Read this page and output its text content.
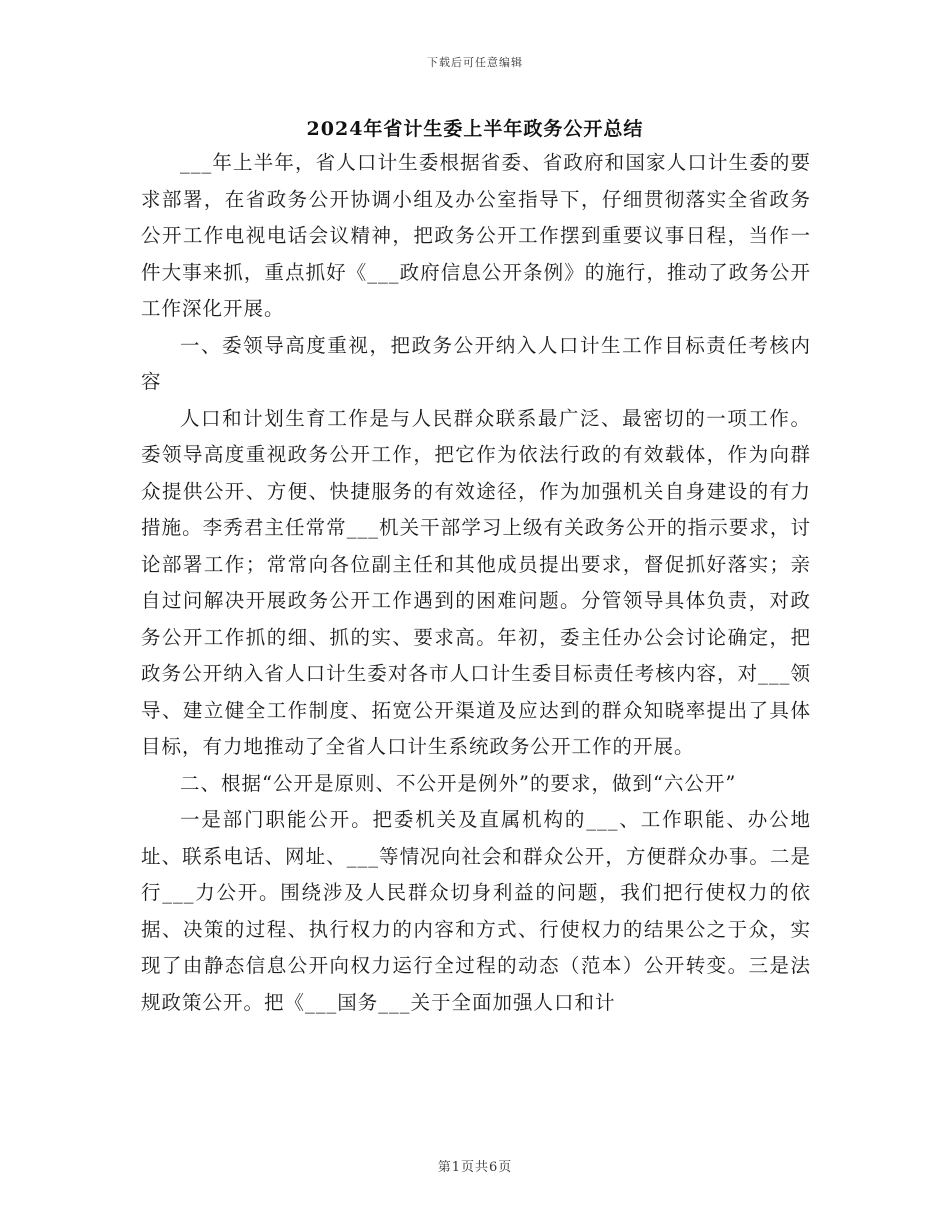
下载后可任意编辑
2024年省计生委上半年政务公开总结

___年上半年，省人口计生委根据省委、省政府和国家人口计生委的要求部署，在省政务公开协调小组及办公室指导下，仔细贯彻落实全省政务公开工作电视电话会议精神，把政务公开工作摆到重要议事日程，当作一件大事来抓，重点抓好《___政府信息公开条例》的施行，推动了政务公开工作深化开展。

一、委领导高度重视，把政务公开纳入人口计生工作目标责任考核内容

人口和计划生育工作是与人民群众联系最广泛、最密切的一项工作。委领导高度重视政务公开工作，把它作为依法行政的有效载体，作为向群众提供公开、方便、快捷服务的有效途径，作为加强机关自身建设的有力措施。李秀君主任常常___机关干部学习上级有关政务公开的指示要求，讨论部署工作；常常向各位副主任和其他成员提出要求，督促抓好落实；亲自过问解决开展政务公开工作遇到的困难问题。分管领导具体负责，对政务公开工作抓的细、抓的实、要求高。年初，委主任办公会讨论确定，把政务公开纳入省人口计生委对各市人口计生委目标责任考核内容，对___领导、建立健全工作制度、拓宽公开渠道及应达到的群众知晓率提出了具体目标，有力地推动了全省人口计生系统政务公开工作的开展。

二、根据“公开是原则、不公开是例外”的要求，做到“六公开”

一是部门职能公开。把委机关及直属机构的___、工作职能、办公地址、联系电话、网址、___等情况向社会和群众公开，方便群众办事。二是行___力公开。围绕涉及人民群众切身利益的问题，我们把行使权力的依据、决策的过程、执行权力的内容和方式、行使权力的结果公之于众，实现了由静态信息公开向权力运行全过程的动态（范本）公开转变。三是法规政策公开。把《___国务___关于全面加强人口和计

第1页共6页
